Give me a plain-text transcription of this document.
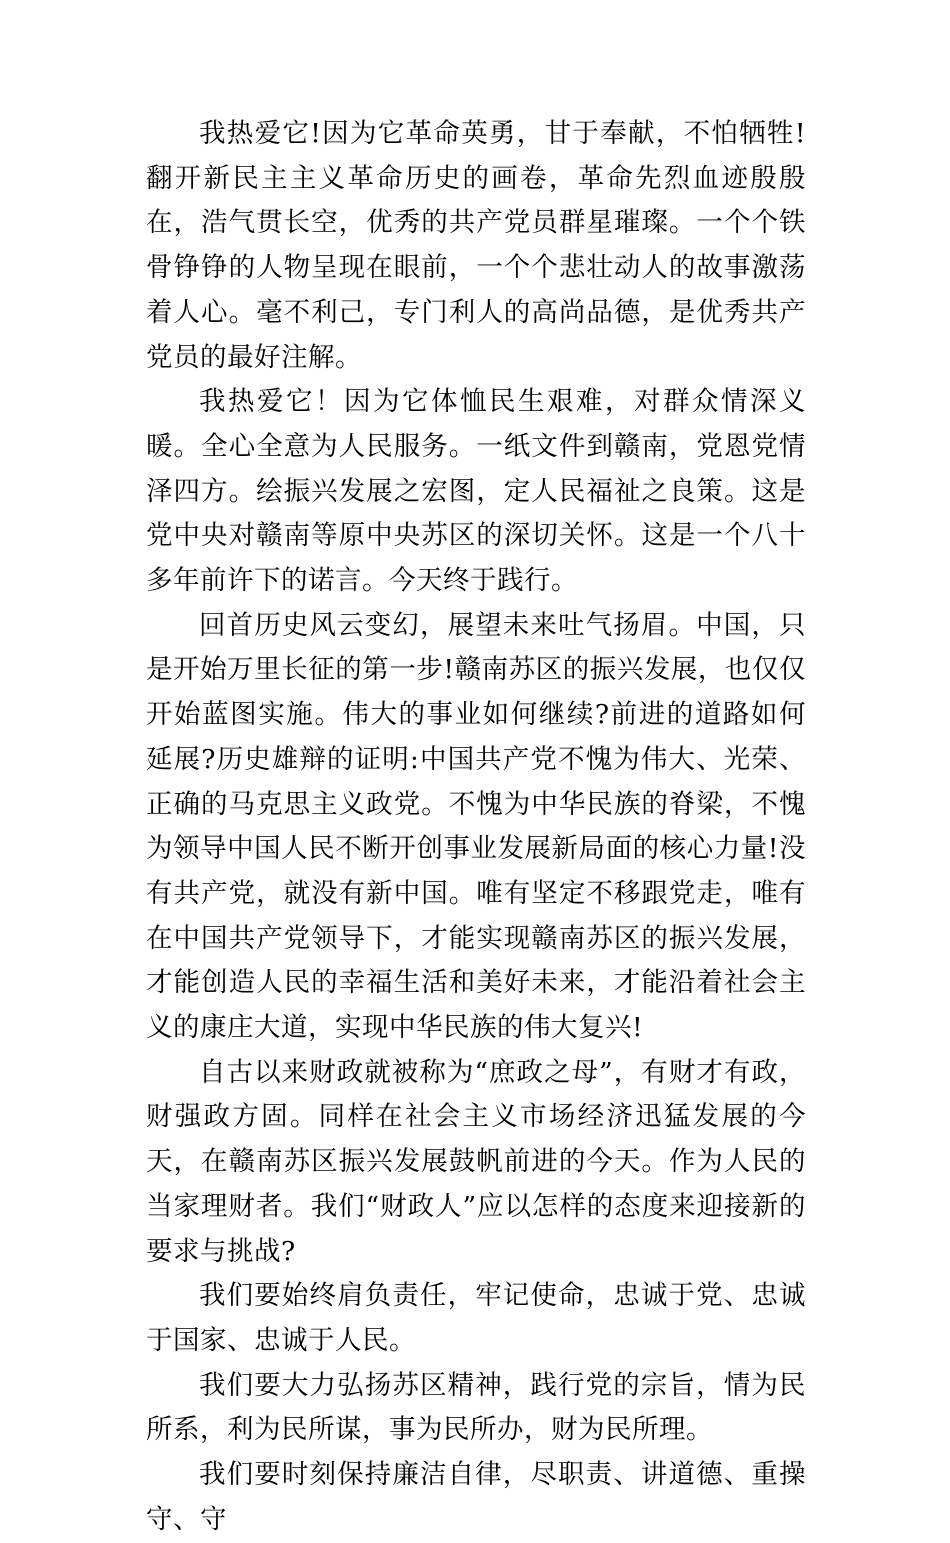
我热爱它!因为它革命英勇，甘于奉献，不怕牺牲!翻开新民主主义革命历史的画卷，革命先烈血迹殷殷在，浩气贯长空，优秀的共产党员群星璀璨。一个个铁骨铮铮的人物呈现在眼前，一个个悲壮动人的故事激荡着人心。毫不利己，专门利人的高尚品德，是优秀共产党员的最好注解。

我热爱它！因为它体恤民生艰难，对群众情深义暖。全心全意为人民服务。一纸文件到赣南，党恩党情泽四方。绘振兴发展之宏图，定人民福祉之良策。这是党中央对赣南等原中央苏区的深切关怀。这是一个八十多年前许下的诺言。今天终于践行。

回首历史风云变幻，展望未来吐气扬眉。中国，只是开始万里长征的第一步!赣南苏区的振兴发展，也仅仅开始蓝图实施。伟大的事业如何继续?前进的道路如何延展?历史雄辩的证明:中国共产党不愧为伟大、光荣、正确的马克思主义政党。不愧为中华民族的脊梁，不愧为领导中国人民不断开创事业发展新局面的核心力量!没有共产党，就没有新中国。唯有坚定不移跟党走，唯有在中国共产党领导下，才能实现赣南苏区的振兴发展，才能创造人民的幸福生活和美好未来，才能沿着社会主义的康庄大道，实现中华民族的伟大复兴!

自古以来财政就被称为“庶政之母”，有财才有政，财强政方固。同样在社会主义市场经济迅猛发展的今天，在赣南苏区振兴发展鼓帆前进的今天。作为人民的当家理财者。我们“财政人”应以怎样的态度来迎接新的要求与挑战?

我们要始终肩负责任，牢记使命，忠诚于党、忠诚于国家、忠诚于人民。

我们要大力弘扬苏区精神，践行党的宗旨，情为民所系，利为民所谋，事为民所办，财为民所理。

我们要时刻保持廉洁自律，尽职责、讲道德、重操守、守
